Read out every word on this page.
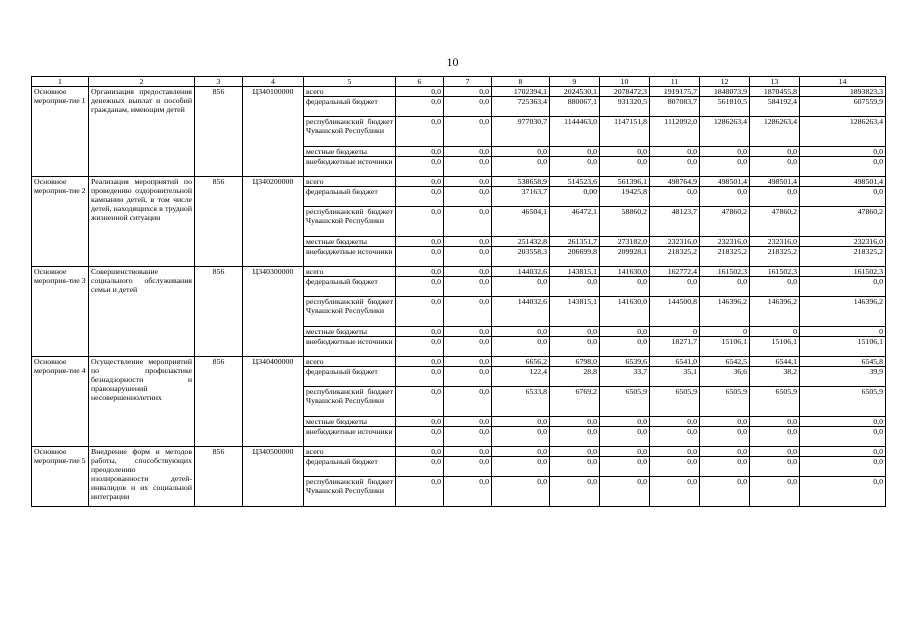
10
1	2	3	4	5	6	7	8	9	10	11	12	13	14
Основное мероприя-тие 1	Организация предоставления денежных выплат и пособий гражданам, имеющим детей	856	Ц340100000	всего	0,0	0,0	1702394,1	2024530,1	2078472,3	1919175,7	1848073,9	1870455,8	1893823,3
				федеральный бюджет	0,0	0,0	725363,4	880067,1	931320,5	807083,7	561810,5	584192,4	607559,9
				республиканский бюджет Чувашской Республики	0,0	0,0	977030,7	1144463,0	1147151,8	1112092,0	1286263,4	1286263,4	1286263,4
				местные бюджеты	0,0	0,0	0,0	0,0	0,0	0,0	0,0	0,0	0,0
				внебюджетные источники	0,0	0,0	0,0	0,0	0,0	0,0	0,0	0,0	0,0
Основное мероприя-тие 2	Реализация мероприятий по проведению оздоровительной кампании детей, в том числе детей, находящихся в трудной жизненной ситуации	856	Ц340200000	всего	0,0	0,0	538658,9	514523,6	561396,1	498764,9	498501,4	498501,4	498501,4
				федеральный бюджет	0,0	0,0	37163,7	0,00	19425,8	0,0	0,0	0,0	0,0
				республиканский бюджет Чувашской Республики	0,0	0,0	46504,1	46472,1	58860,2	48123,7	47860,2	47860,2	47860,2
				местные бюджеты	0,0	0,0	251432,8	261351,7	273182,0	232316,0	232316,0	232316,0	232316,0
				внебюджетные источники	0,0	0,0	203558,3	206699,8	209928,1	218325,2	218325,2	218325,2	218325,2
Основное мероприя-тие 3	Совершенствование социального обслуживания семьи и детей	856	Ц340300000	всего	0,0	0,0	144032,6	143815,1	141630,0	162772,4	161502,3	161502,3	161502,3
				федеральный бюджет	0,0	0,0	0,0	0,0	0,0	0,0	0,0	0,0	0,0
				республиканский бюджет Чувашской Республики	0,0	0,0	144032,6	143815,1	141630,0	144500,8	146396,2	146396,2	146396,2
				местные бюджеты	0,0	0,0	0,0	0,0	0,0	0	0	0	0
				внебюджетные источники	0,0	0,0	0,0	0,0	0,0	18271,7	15106,1	15106,1	15106,1
Основное мероприя-тие 4	Осуществление мероприятий по профилактике безнадзорности и правонарушений несовершеннолетних	856	Ц340400000	всего	0,0	0,0	6656,2	6798,0	6539,6	6541,0	6542,5	6544,1	6545,8
				федеральный бюджет	0,0	0,0	122,4	28,8	33,7	35,1	36,6	38,2	39,9
				республиканский бюджет Чувашской Республики	0,0	0,0	6533,8	6769,2	6505,9	6505,9	6505,9	6505,9	6505,9
				местные бюджеты	0,0	0,0	0,0	0,0	0,0	0,0	0,0	0,0	0,0
				внебюджетные источники	0,0	0,0	0,0	0,0	0,0	0,0	0,0	0,0	0,0
Основное мероприя-тие 5	Внедрение форм и методов работы, способствующих преодолению изолированности детей-инвалидов и их социальной интеграции	856	Ц340500000	всего	0,0	0,0	0,0	0,0	0,0	0,0	0,0	0,0	0,0
				федеральный бюджет	0,0	0,0	0,0	0,0	0,0	0,0	0,0	0,0	0,0
				республиканский бюджет Чувашской Республики	0,0	0,0	0,0	0,0	0,0	0,0	0,0	0,0	0,0
